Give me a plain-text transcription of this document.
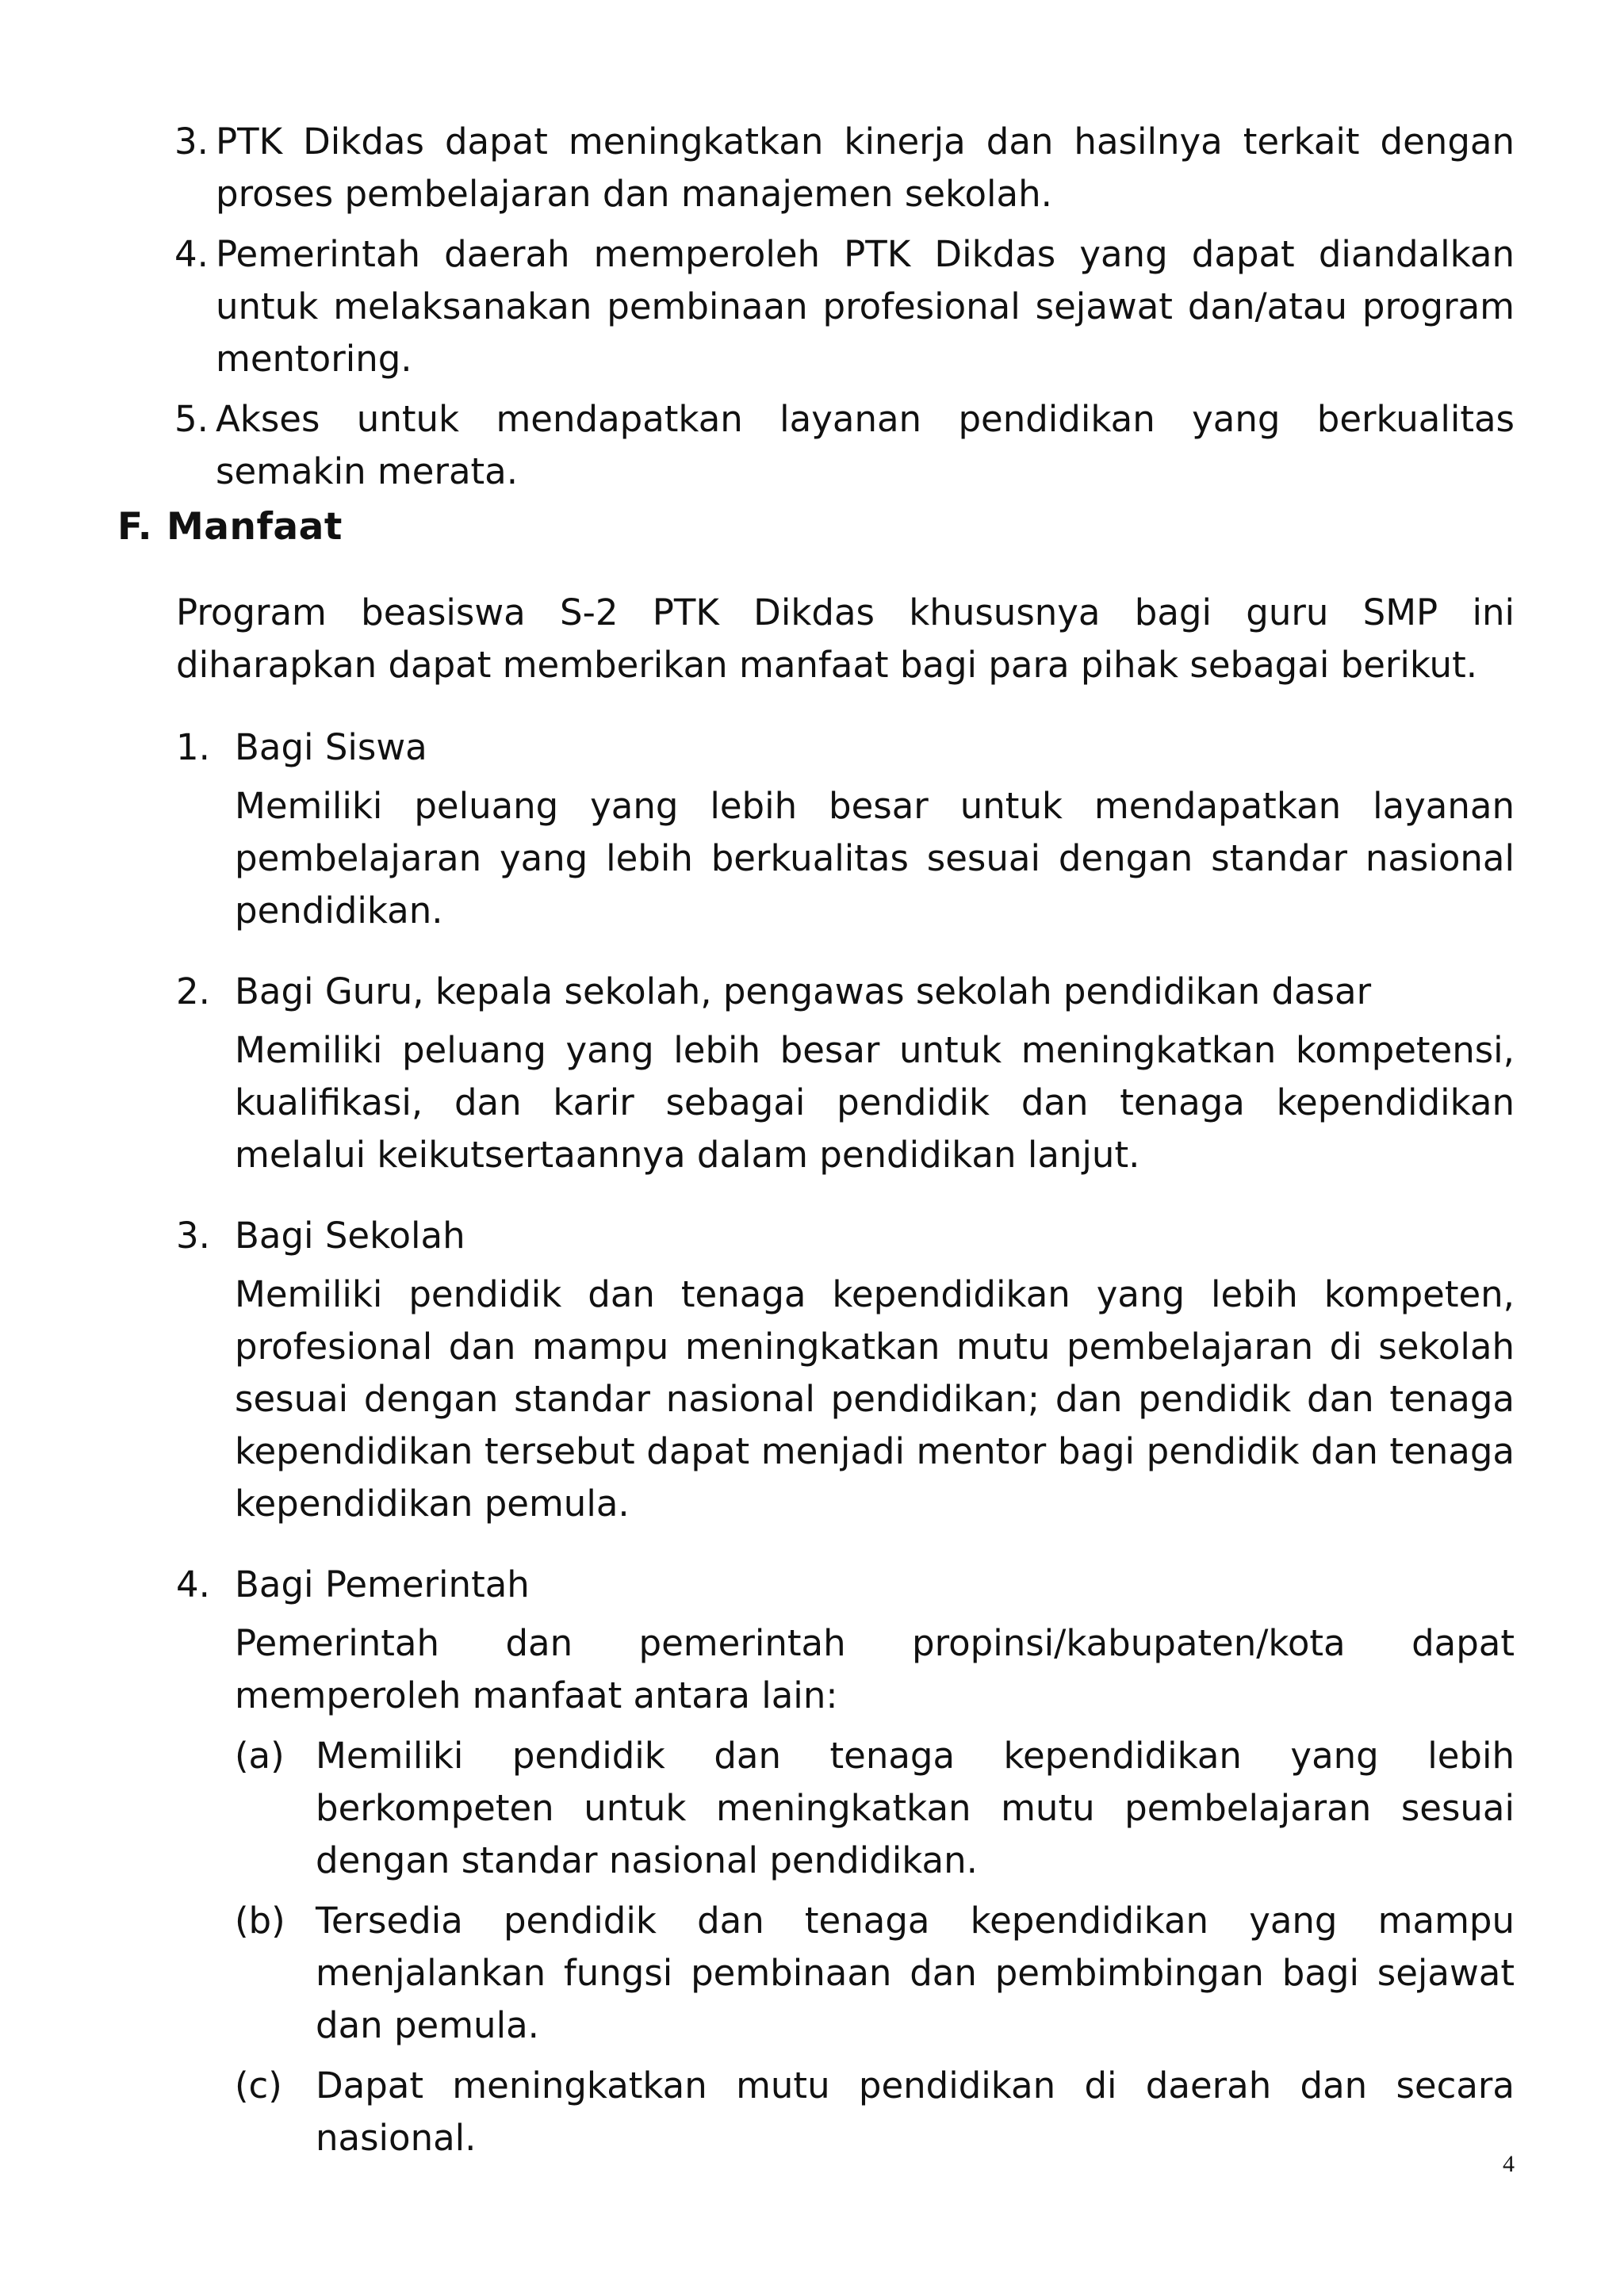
3. PTK Dikdas dapat meningkatkan kinerja dan hasilnya terkait dengan proses pembelajaran dan manajemen sekolah.
4. Pemerintah daerah memperoleh PTK Dikdas yang dapat diandalkan untuk melaksanakan pembinaan profesional sejawat dan/atau program mentoring.
5. Akses untuk mendapatkan layanan pendidikan yang berkualitas semakin merata.
F. Manfaat
Program beasiswa S-2 PTK Dikdas khususnya bagi guru SMP ini diharapkan dapat memberikan manfaat bagi para pihak sebagai berikut.
1. Bagi Siswa
Memiliki peluang yang lebih besar untuk mendapatkan layanan pembelajaran yang lebih berkualitas sesuai dengan standar nasional pendidikan.
2. Bagi Guru, kepala sekolah, pengawas sekolah pendidikan dasar
Memiliki peluang yang lebih besar untuk meningkatkan kompetensi, kualifikasi, dan karir sebagai pendidik dan tenaga kependidikan melalui keikutsertaannya dalam pendidikan lanjut.
3. Bagi Sekolah
Memiliki pendidik dan tenaga kependidikan yang lebih kompeten, profesional dan mampu meningkatkan mutu pembelajaran di sekolah sesuai dengan standar nasional pendidikan; dan pendidik dan tenaga kependidikan tersebut dapat menjadi mentor bagi pendidik dan tenaga kependidikan pemula.
4. Bagi Pemerintah
Pemerintah dan pemerintah propinsi/kabupaten/kota dapat memperoleh manfaat antara lain:
(a) Memiliki pendidik dan tenaga kependidikan yang lebih berkompeten untuk meningkatkan mutu pembelajaran sesuai dengan standar nasional pendidikan.
(b) Tersedia pendidik dan tenaga kependidikan yang mampu menjalankan fungsi pembinaan dan pembimbingan bagi sejawat dan pemula.
(c) Dapat meningkatkan mutu pendidikan di daerah dan secara nasional.
4
